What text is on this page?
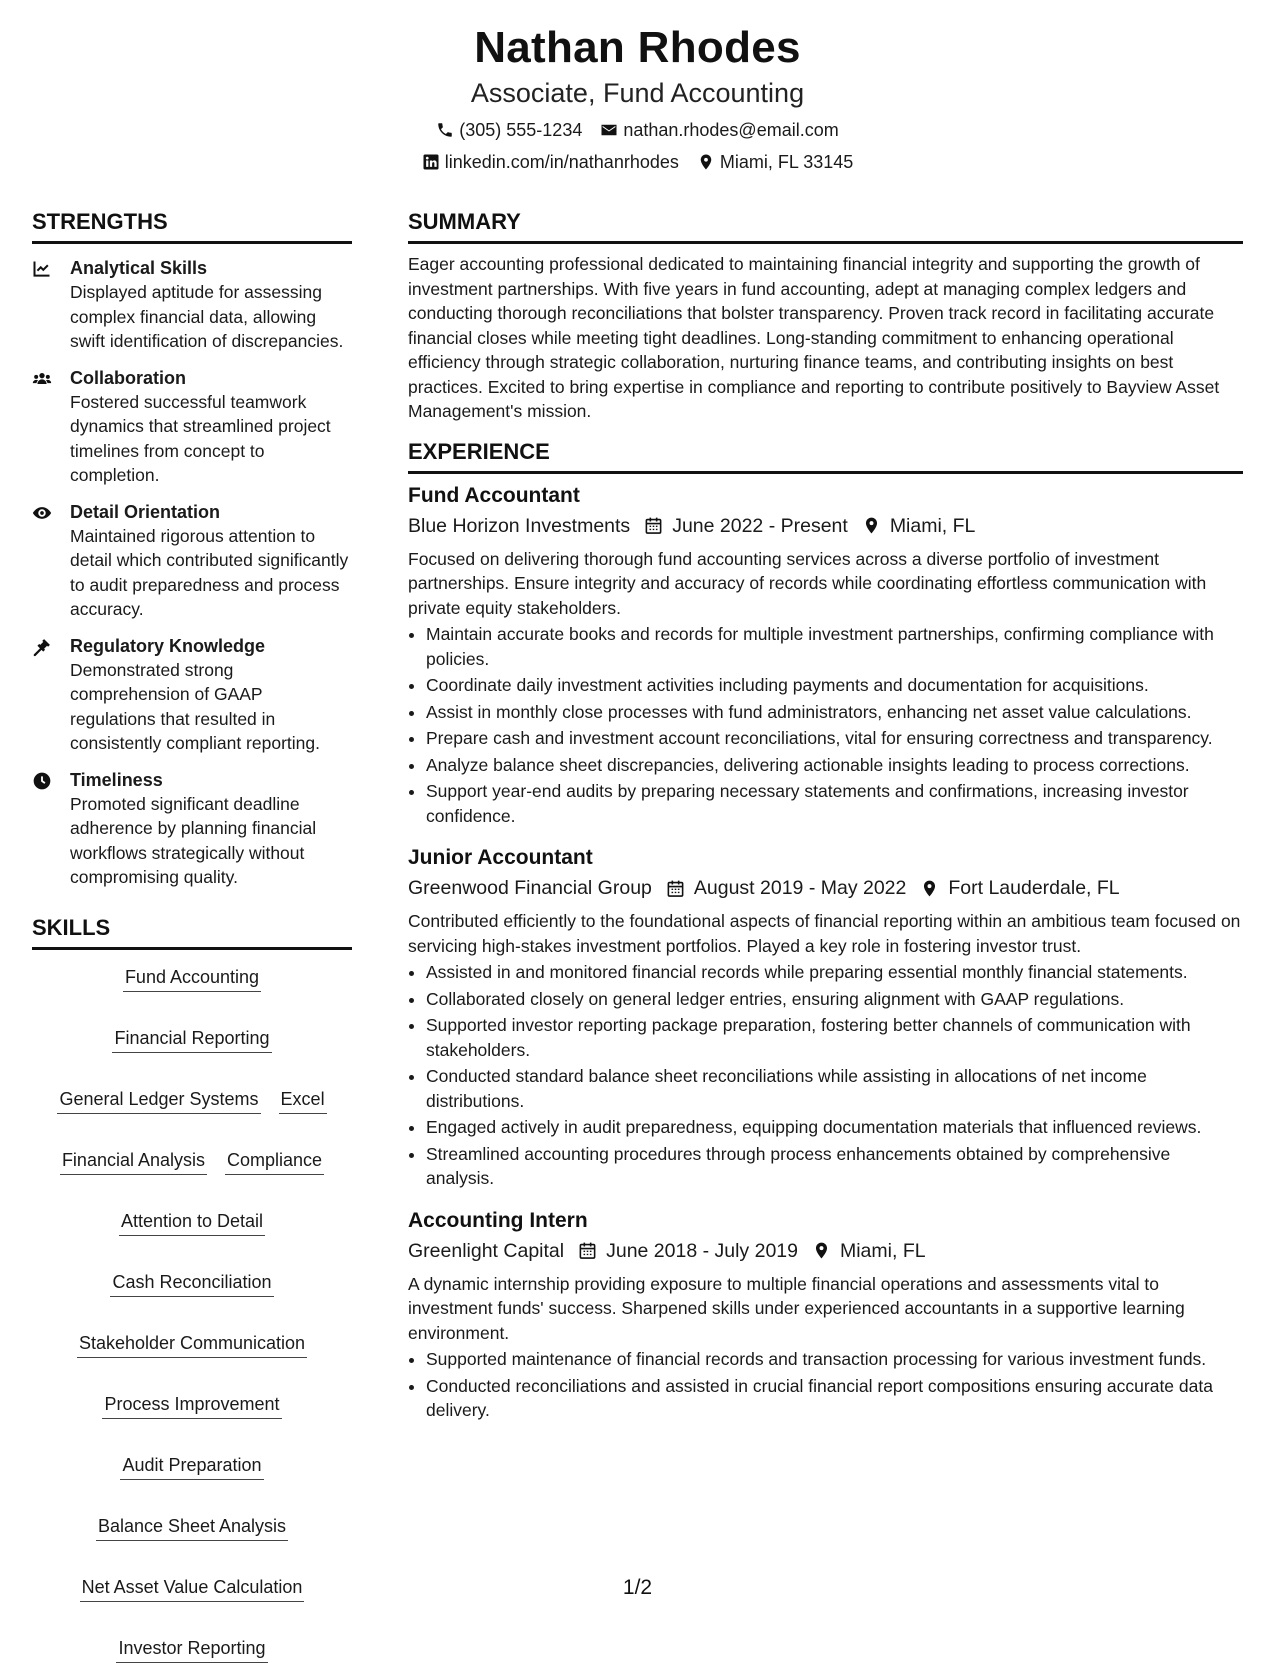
Nathan Rhodes
Associate, Fund Accounting
(305) 555-1234 nathan.rhodes@email.com
linkedin.com/in/nathanrhodes Miami, FL 33145
STRENGTHS
Analytical Skills
Displayed aptitude for assessing complex financial data, allowing swift identification of discrepancies.
Collaboration
Fostered successful teamwork dynamics that streamlined project timelines from concept to completion.
Detail Orientation
Maintained rigorous attention to detail which contributed significantly to audit preparedness and process accuracy.
Regulatory Knowledge
Demonstrated strong comprehension of GAAP regulations that resulted in consistently compliant reporting.
Timeliness
Promoted significant deadline adherence by planning financial workflows strategically without compromising quality.
SKILLS
Fund Accounting
Financial Reporting
General Ledger Systems Excel
Financial Analysis Compliance
Attention to Detail
Cash Reconciliation
Stakeholder Communication
Process Improvement
Audit Preparation
Balance Sheet Analysis
Net Asset Value Calculation
Investor Reporting
SUMMARY
Eager accounting professional dedicated to maintaining financial integrity and supporting the growth of investment partnerships. With five years in fund accounting, adept at managing complex ledgers and conducting thorough reconciliations that bolster transparency. Proven track record in facilitating accurate financial closes while meeting tight deadlines. Long-standing commitment to enhancing operational efficiency through strategic collaboration, nurturing finance teams, and contributing insights on best practices. Excited to bring expertise in compliance and reporting to contribute positively to Bayview Asset Management's mission.
EXPERIENCE
Fund Accountant
Blue Horizon Investments June 2022 - Present Miami, FL
Focused on delivering thorough fund accounting services across a diverse portfolio of investment partnerships. Ensure integrity and accuracy of records while coordinating effortless communication with private equity stakeholders.
• Maintain accurate books and records for multiple investment partnerships, confirming compliance with policies.
• Coordinate daily investment activities including payments and documentation for acquisitions.
• Assist in monthly close processes with fund administrators, enhancing net asset value calculations.
• Prepare cash and investment account reconciliations, vital for ensuring correctness and transparency.
• Analyze balance sheet discrepancies, delivering actionable insights leading to process corrections.
• Support year-end audits by preparing necessary statements and confirmations, increasing investor confidence.
Junior Accountant
Greenwood Financial Group August 2019 - May 2022 Fort Lauderdale, FL
Contributed efficiently to the foundational aspects of financial reporting within an ambitious team focused on servicing high-stakes investment portfolios. Played a key role in fostering investor trust.
• Assisted in and monitored financial records while preparing essential monthly financial statements.
• Collaborated closely on general ledger entries, ensuring alignment with GAAP regulations.
• Supported investor reporting package preparation, fostering better channels of communication with stakeholders.
• Conducted standard balance sheet reconciliations while assisting in allocations of net income distributions.
• Engaged actively in audit preparedness, equipping documentation materials that influenced reviews.
• Streamlined accounting procedures through process enhancements obtained by comprehensive analysis.
Accounting Intern
Greenlight Capital June 2018 - July 2019 Miami, FL
A dynamic internship providing exposure to multiple financial operations and assessments vital to investment funds' success. Sharpened skills under experienced accountants in a supportive learning environment.
• Supported maintenance of financial records and transaction processing for various investment funds.
• Conducted reconciliations and assisted in crucial financial report compositions ensuring accurate data delivery.
1/2
